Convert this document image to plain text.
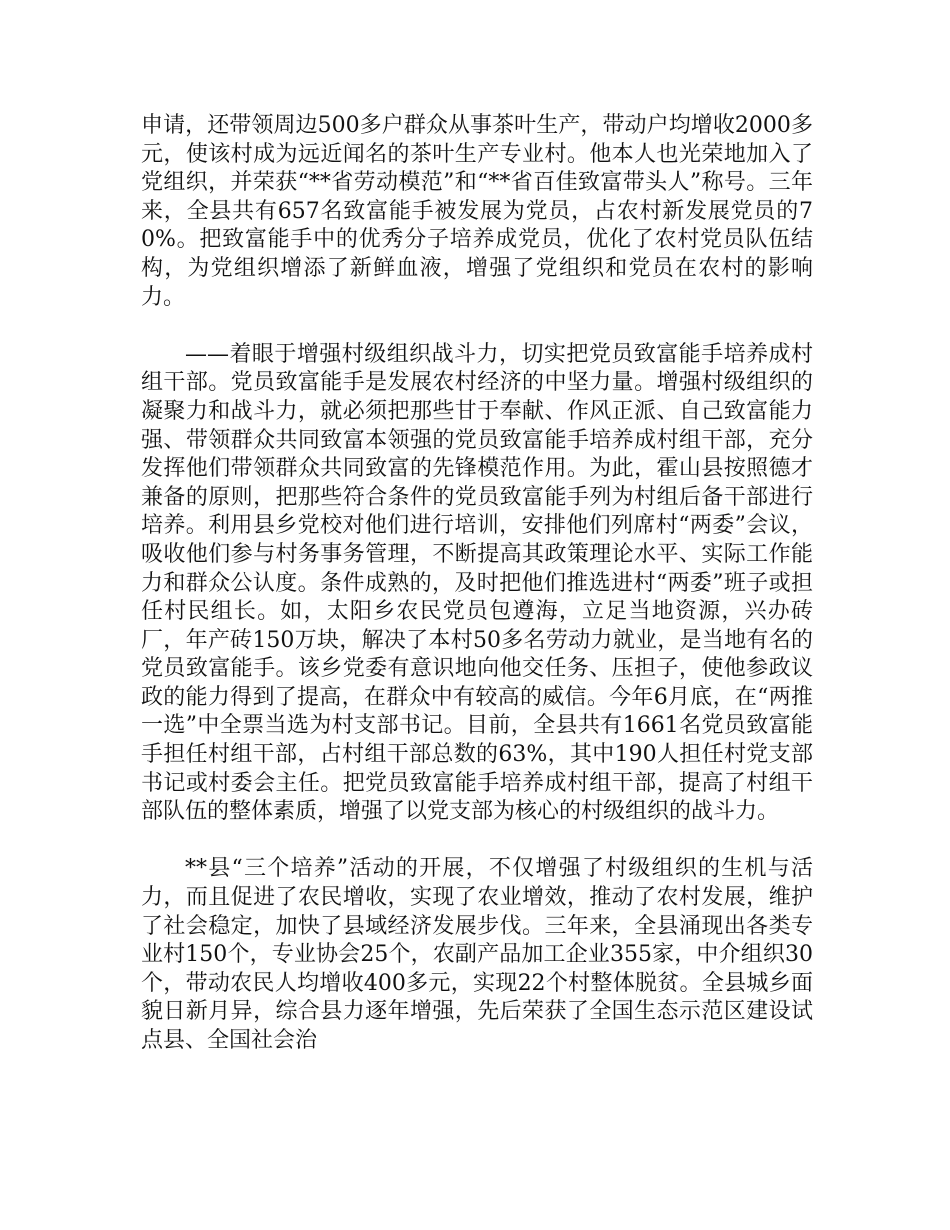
申请，还带领周边500多户群众从事茶叶生产，带动户均增收2000多元，使该村成为远近闻名的茶叶生产专业村。他本人也光荣地加入了党组织，并荣获“**省劳动模范”和“**省百佳致富带头人”称号。三年来，全县共有657名致富能手被发展为党员，占农村新发展党员的70%。把致富能手中的优秀分子培养成党员，优化了农村党员队伍结构，为党组织增添了新鲜血液，增强了党组织和党员在农村的影响力。

——着眼于增强村级组织战斗力，切实把党员致富能手培养成村组干部。党员致富能手是发展农村经济的中坚力量。增强村级组织的凝聚力和战斗力，就必须把那些甘于奉献、作风正派、自己致富能力强、带领群众共同致富本领强的党员致富能手培养成村组干部，充分发挥他们带领群众共同致富的先锋模范作用。为此，霍山县按照德才兼备的原则，把那些符合条件的党员致富能手列为村组后备干部进行培养。利用县乡党校对他们进行培训，安排他们列席村“两委”会议，吸收他们参与村务事务管理，不断提高其政策理论水平、实际工作能力和群众公认度。条件成熟的，及时把他们推选进村“两委”班子或担任村民组长。如，太阳乡农民党员包遵海，立足当地资源，兴办砖厂，年产砖150万块，解决了本村50多名劳动力就业，是当地有名的党员致富能手。该乡党委有意识地向他交任务、压担子，使他参政议政的能力得到了提高，在群众中有较高的威信。今年6月底，在“两推一选”中全票当选为村支部书记。目前，全县共有1661名党员致富能手担任村组干部，占村组干部总数的63%，其中190人担任村党支部书记或村委会主任。把党员致富能手培养成村组干部，提高了村组干部队伍的整体素质，增强了以党支部为核心的村级组织的战斗力。

**县“三个培养”活动的开展，不仅增强了村级组织的生机与活力，而且促进了农民增收，实现了农业增效，推动了农村发展，维护了社会稳定，加快了县域经济发展步伐。三年来，全县涌现出各类专业村150个，专业协会25个，农副产品加工企业355家，中介组织30个，带动农民人均增收400多元，实现22个村整体脱贫。全县城乡面貌日新月异，综合县力逐年增强，先后荣获了全国生态示范区建设试点县、全国社会治
